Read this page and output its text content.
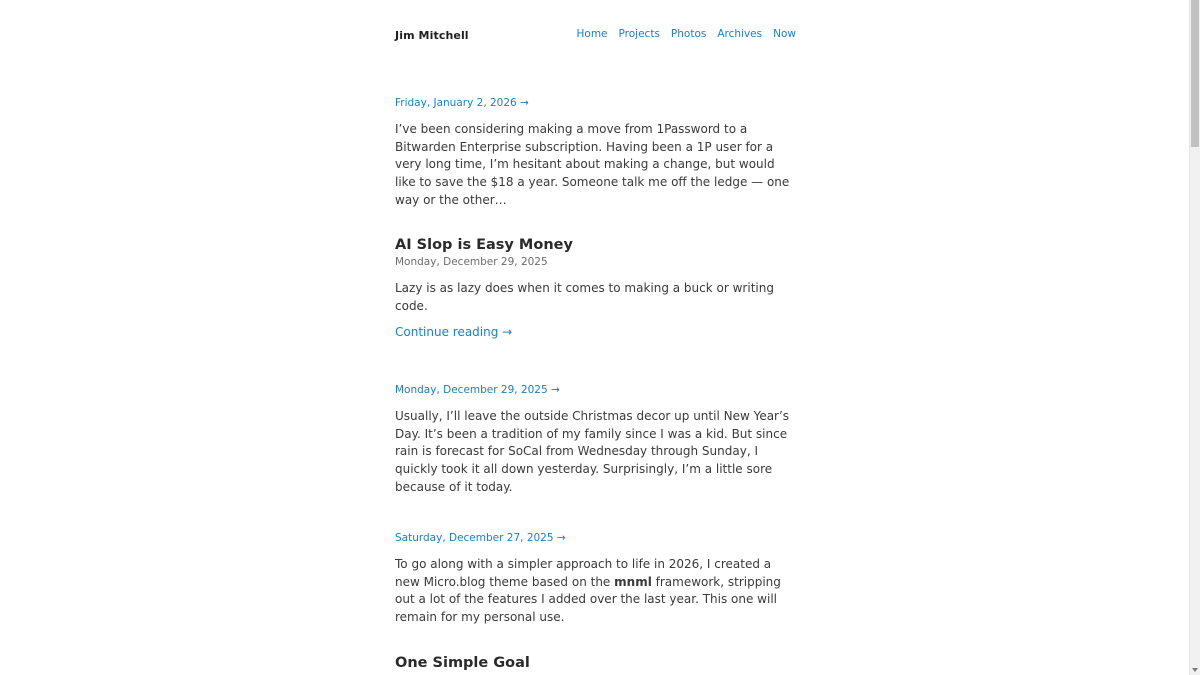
Jim Mitchell	Home Projects Photos Archives Now
Friday, January 2, 2026 →

I’ve been considering making a move from 1Password to a Bitwarden Enterprise subscription. Having been a 1P user for a very long time, I’m hesitant about making a change, but would like to save the $18 a year. Someone talk me off the ledge — one way or the other…

AI Slop is Easy Money
Monday, December 29, 2025

Lazy is as lazy does when it comes to making a buck or writing code.

Continue reading →
Monday, December 29, 2025 →

Usually, I’ll leave the outside Christmas decor up until New Year’s Day. It’s been a tradition of my family since I was a kid. But since rain is forecast for SoCal from Wednesday through Sunday, I quickly took it all down yesterday. Surprisingly, I’m a little sore because of it today.

Saturday, December 27, 2025 →

To go along with a simpler approach to life in 2026, I created a new Micro.blog theme based on the mnml framework, stripping out a lot of the features I added over the last year. This one will remain for my personal use.

One Simple Goal
